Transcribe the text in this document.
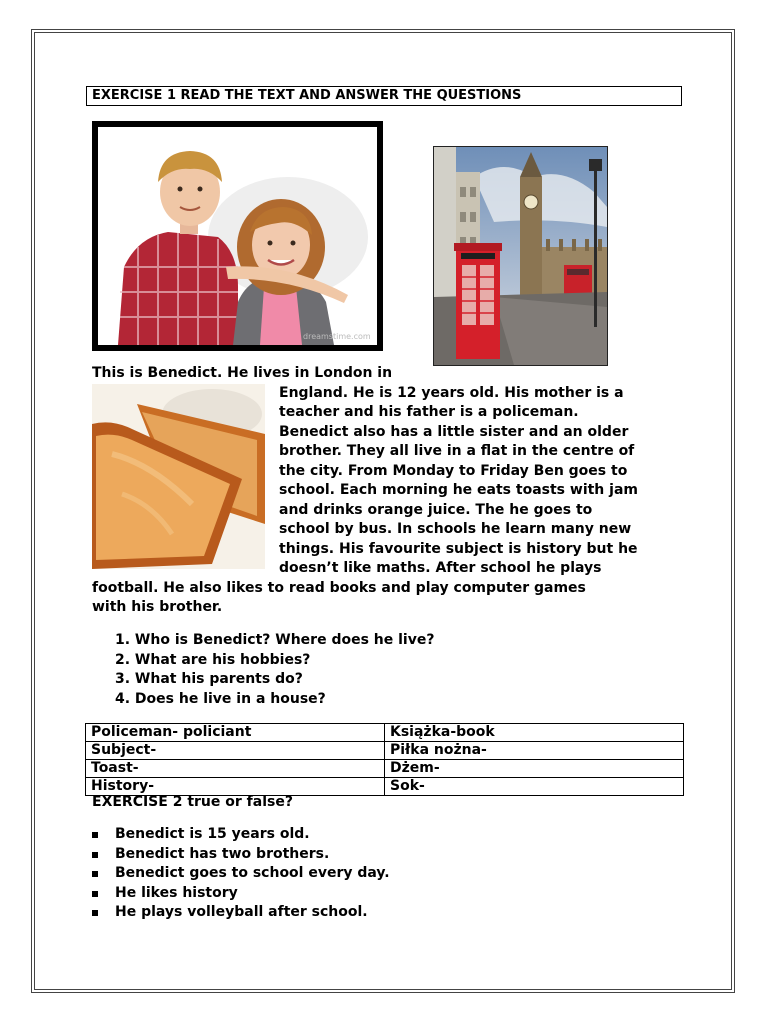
EXERCISE 1 READ THE TEXT AND ANSWER THE QUESTIONS
dreamstime.com
This is Benedict. He lives in London in
England. He is 12 years old. His mother is a
teacher and his father is a policeman.
Benedict also has a little sister and an older
brother. They all live in a flat in the centre of
the city. From Monday to Friday Ben goes to
school. Each morning he eats toasts with jam
and drinks orange juice. The he goes to
school by bus. In schools he learn many new
things. His favourite subject is history but he
doesn’t like maths. After school he plays
football. He also likes to read books and play computer games
with his brother.
1. Who is Benedict? Where does he live?
2. What are his hobbies?
3. What his parents do?
4. Does he live in a house?
Policeman- policiant	Książka-book
Subject-	Piłka nożna-
Toast-	Dżem-
History-	Sok-
EXERCISE 2 true or false?
Benedict is 15 years old.
Benedict has two brothers.
Benedict goes to school every day.
He likes history
He plays volleyball after school.
